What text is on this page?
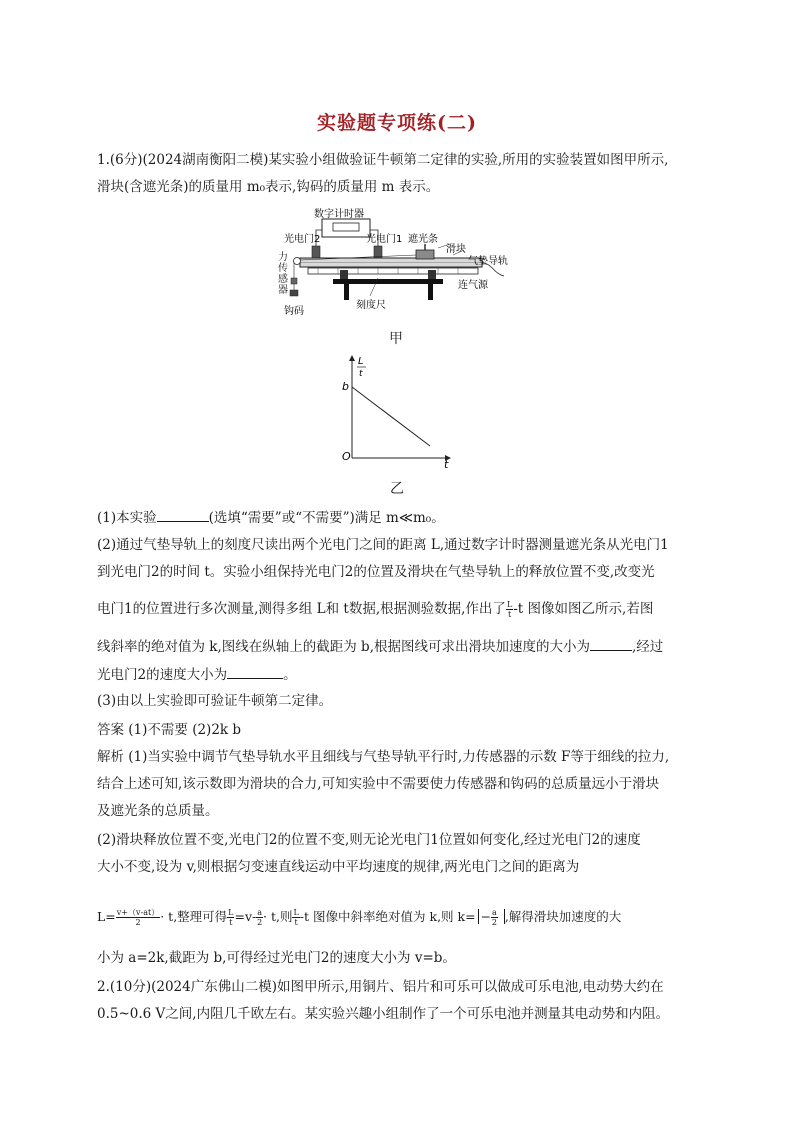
实验题专项练(二)
1.(6分)(2024湖南衡阳二模)某实验小组做验证牛顿第二定律的实验,所用的实验装置如图甲所示,
滑块(含遮光条)的质量用 m₀表示,钩码的质量用 m 表示。
数字计时器
光电门2	光电门1 遮光条
滑块
气垫导轨
连气源
刻度尺
钩码
力传感器
甲
L
t
b
O
t
乙
(1)本实验	(选填“需要”或“不需要”)满足 m≪m₀。
(2)通过气垫导轨上的刻度尺读出两个光电门之间的距离 L,通过数字计时器测量遮光条从光电门1
到光电门2的时间 t。实验小组保持光电门2的位置及滑块在气垫导轨上的释放位置不变,改变光
电门1的位置进行多次测量,测得多组 L和 t数据,根据测验数据,作出了 $\frac{L}{t} -t$ 图像如图乙所示,若图
线斜率的绝对值为 k,图线在纵轴上的截距为 b,根据图线可求出滑块加速度的大小为	,经过
光电门2的速度大小为	。
(3)由以上实验即可验证牛顿第二定律。
答案 (1)不需要 (2)2k b
解析 (1)当实验中调节气垫导轨水平且细线与气垫导轨平行时,力传感器的示数 F等于细线的拉力,
结合上述可知,该示数即为滑块的合力,可知实验中不需要使力传感器和钩码的总质量远小于滑块
及遮光条的总质量。
(2)滑块释放位置不变,光电门2的位置不变,则无论光电门1位置如何变化,经过光电门2的速度
大小不变,设为 v,则根据匀变速直线运动中平均速度的规律,两光电门之间的距离为
$L= \frac{v+(v-at)}{2} \cdot t$,整理可得 $\frac{L}{t} =v- \frac{a}{2} \cdot t$,则 $\frac{L}{t} -t$ 图像中斜率绝对值为 k,则 $k= - \frac{a}{2}$ ,解得滑块加速度的大
小为 a=2k,截距为 b,可得经过光电门2的速度大小为 v=b。
2.(10分)(2024广东佛山二模)如图甲所示,用铜片、铝片和可乐可以做成可乐电池,电动势大约在
0.5~0.6 V之间,内阻几千欧左右。某实验兴趣小组制作了一个可乐电池并测量其电动势和内阻。
